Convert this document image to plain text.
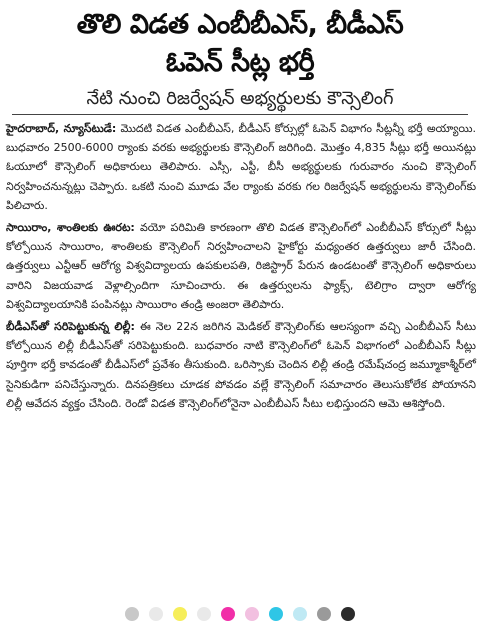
తొలి విడత ఎంబీబీఎస్, బీడీఎస్
ఓపెన్ సీట్ల భర్తీ
నేటి నుంచి రిజర్వేషన్ అభ్యర్థులకు కౌన్సెలింగ్

హైదరాబాద్, న్యూస్‌టుడే: మొదటి విడత ఎంబీబీఎస్, బీడీఎస్ కోర్సుల్లో ఓపెన్ విభాగం సీట్లన్నీ భర్తీ అయ్యాయి. బుధవారం 2500-6000 ర్యాంకు వరకు అభ్యర్థులకు కౌన్సెలింగ్ జరిగింది. మొత్తం 4,835 సీట్లు భర్తీ అయినట్లు ఓయూలో కౌన్సెలింగ్ అధికారులు తెలిపారు. ఎస్సీ, ఎస్టీ, బీసీ అభ్యర్థులకు గురువారం నుంచి కౌన్సెలింగ్ నిర్వహించనున్నట్లు చెప్పారు. ఒకటి నుంచి మూడు వేల ర్యాంకు వరకు గల రిజర్వేషన్ అభ్యర్థులను కౌన్సెలింగ్‌కు పిలిచారు.

సాయిరాం, శాంతిలకు ఊరట: వయో పరిమితి కారణంగా తొలి విడత కౌన్సెలింగ్‌లో ఎంబీబీఎస్ కోర్సులో సీట్లు కోల్పోయిన సాయిరాం, శాంతిలకు కౌన్సెలింగ్ నిర్వహించాలని హైకోర్టు మధ్యంతర ఉత్తర్వులు జారీ చేసింది. ఉత్తర్వులు ఎన్టీఆర్ ఆరోగ్య విశ్వవిద్యాలయ ఉపకులపతి, రిజిస్ట్రార్ పేరున ఉండటంతో కౌన్సెలింగ్ అధికారులు వారిని విజయవాడ వెళ్లాల్సిందిగా సూచించారు. ఈ ఉత్తర్వులను ఫ్యాక్స్, టెలిగ్రాం ద్వారా ఆరోగ్య విశ్వవిద్యాలయానికి పంపినట్లు సాయిరాం తండ్రి అంజరా తెలిపారు.

బీడీఎస్‌తో సరిపెట్టుకున్న లిల్లీ: ఈ నెల 22న జరిగిన మెడికల్ కౌన్సెలింగ్‌కు ఆలస్యంగా వచ్చి ఎంబీబీఎస్ సీటు కోల్పోయిన లిల్లీ బీడీఎస్‌తో సరిపెట్టుకుంది. బుధవారం నాటి కౌన్సెలింగ్‌లో ఓపెన్ విభాగంలో ఎంబీబీఎస్ సీట్లు పూర్తిగా భర్తీ కావడంతో బీడీఎస్‌లో ప్రవేశం తీసుకుంది. ఒరిస్సాకు చెందిన లిల్లీ తండ్రి రమేష్‌చంద్ర జమ్మూకాశ్మీర్‌లో సైనికుడిగా పనిచేస్తున్నారు. దినపత్రికలు చూడక పోవడం వల్లే కౌన్సెలింగ్ సమాచారం తెలుసుకోలేక పోయానని లిల్లీ ఆవేదన వ్యక్తం చేసింది. రెండో విడత కౌన్సెలింగ్‌లోనైనా ఎంబీబీఎస్ సీటు లభిస్తుందని ఆమె ఆశిస్తోంది.
